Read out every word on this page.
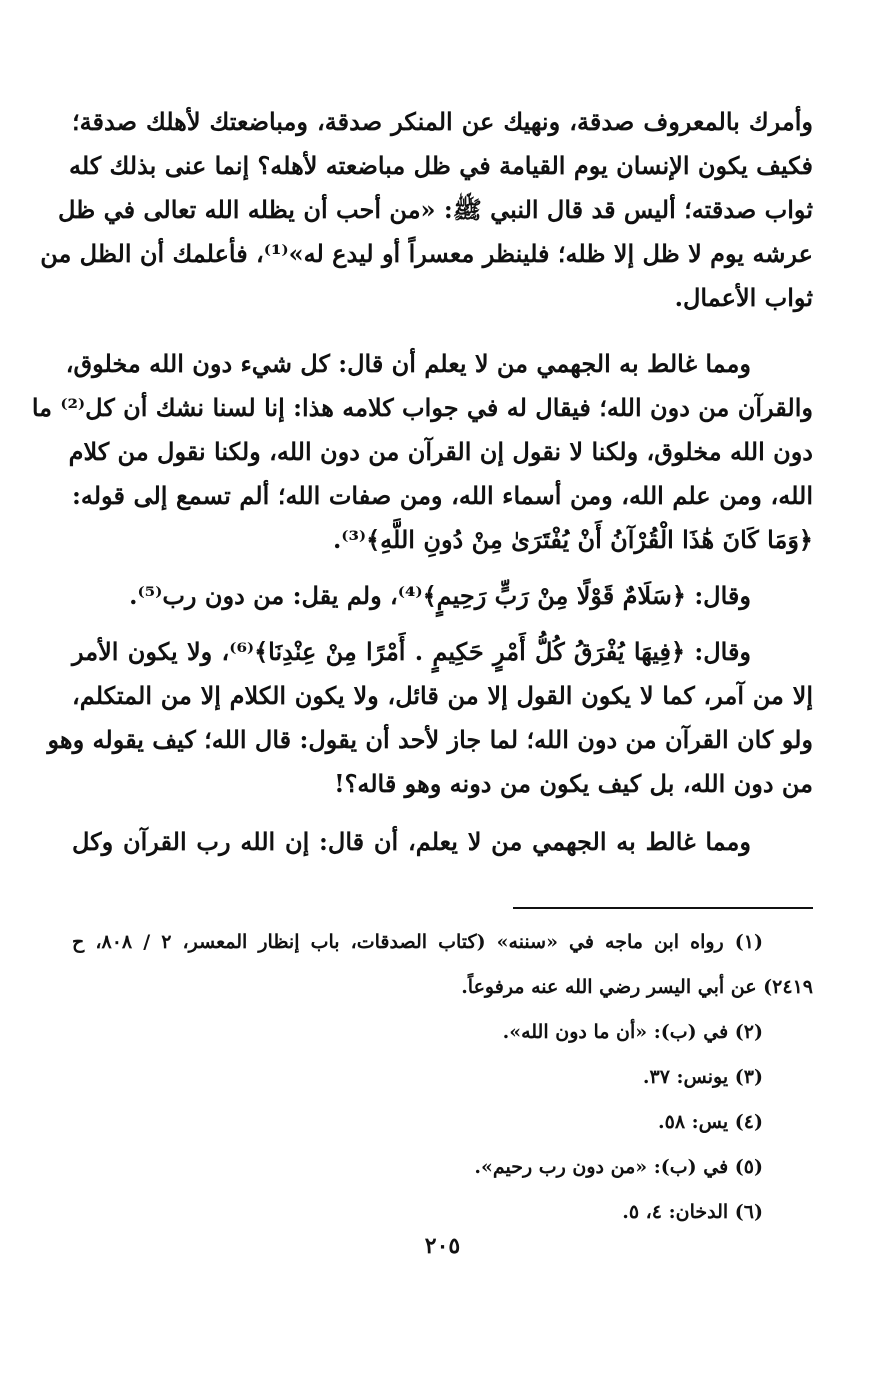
وأمرك بالمعروف صدقة، ونهيك عن المنكر صدقة، ومباضعتك لأهلك صدقة؛
فكيف يكون الإنسان يوم القيامة في ظل مباضعته لأهله؟ إنما عنى بذلك كله
ثواب صدقته؛ أليس قد قال النبي ﷺ: «من أحب أن يظله الله تعالى في ظل
عرشه يوم لا ظل إلا ظله؛ فلينظر معسراً أو ليدع له»⁽¹⁾، فأعلمك أن الظل من
ثواب الأعمال.
ومما غالط به الجهمي من لا يعلم أن قال: كل شيء دون الله مخلوق،
والقرآن من دون الله؛ فيقال له في جواب كلامه هذا: إنا لسنا نشك أن كل⁽²⁾ ما
دون الله مخلوق، ولكنا لا نقول إن القرآن من دون الله، ولكنا نقول من كلام
الله، ومن علم الله، ومن أسماء الله، ومن صفات الله؛ ألم تسمع إلى قوله:
﴿وَمَا كَانَ هَٰذَا الْقُرْآنُ أَنْ يُفْتَرَىٰ مِنْ دُونِ اللَّهِ﴾⁽³⁾.
وقال: ﴿سَلَامٌ قَوْلًا مِنْ رَبٍّ رَحِيمٍ﴾⁽⁴⁾، ولم يقل: من دون رب⁽⁵⁾.
وقال: ﴿فِيهَا يُفْرَقُ كُلُّ أَمْرٍ حَكِيمٍ . أَمْرًا مِنْ عِنْدِنَا﴾⁽⁶⁾، ولا يكون الأمر
إلا من آمر، كما لا يكون القول إلا من قائل، ولا يكون الكلام إلا من المتكلم،
ولو كان القرآن من دون الله؛ لما جاز لأحد أن يقول: قال الله؛ كيف يقوله وهو
من دون الله، بل كيف يكون من دونه وهو قاله؟!
ومما غالط به الجهمي من لا يعلم، أن قال: إن الله رب القرآن وكل
(١) رواه ابن ماجه في «سننه» (كتاب الصدقات، باب إنظار المعسر، ٢ / ٨٠٨، ح
٢٤١٩) عن أبي اليسر رضي الله عنه مرفوعاً.
(٢) في (ب): «أن ما دون الله».
(٣) يونس: ٣٧.
(٤) يس: ٥٨.
(٥) في (ب): «من دون رب رحيم».
(٦) الدخان: ٤، ٥.
٢٠٥
